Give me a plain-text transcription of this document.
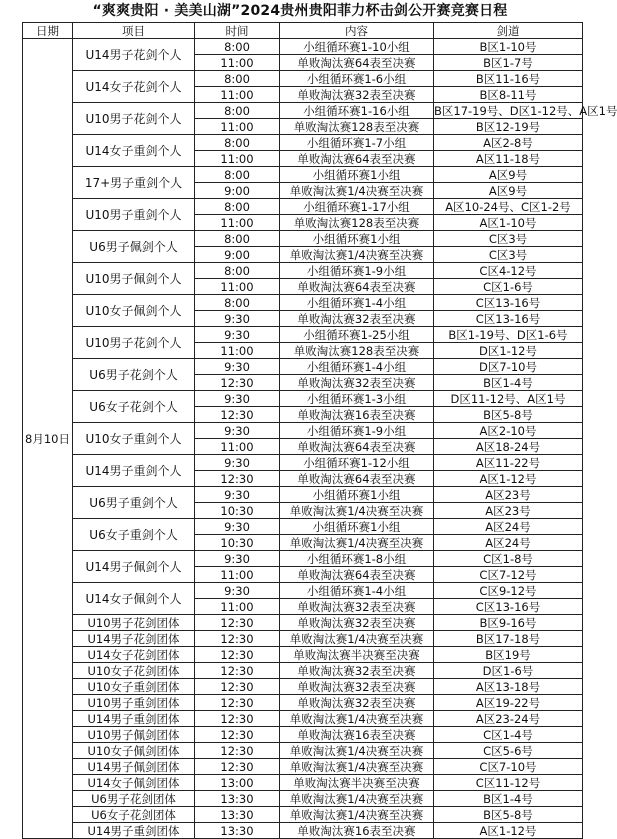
“爽爽贵阳 · 美美山湖”2024贵州贵阳菲力杯击剑公开赛竞赛日程
日期	项目	时间	内容	剑道
8月10日	U14男子花剑个人	8:00	小组循环赛1-10小组	B区1-10号
		11:00	单败淘汰赛64表至决赛	B区1-7号
	U14女子花剑个人	8:00	小组循环赛1-6小组	B区11-16号
		11:00	单败淘汰赛32表至决赛	B区8-11号
	U10男子花剑个人	8:00	小组循环赛1-16小组	B区17-19号、D区1-12号、A区1号
		11:00	单败淘汰赛128表至决赛	B区12-19号
	U14女子重剑个人	8:00	小组循环赛1-7小组	A区2-8号
		11:00	单败淘汰赛64表至决赛	A区11-18号
	17+男子重剑个人	8:00	小组循环赛1小组	A区9号
		9:00	单败淘汰赛1/4决赛至决赛	A区9号
	U10男子重剑个人	8:00	小组循环赛1-17小组	A区10-24号、C区1-2号
		11:00	单败淘汰赛128表至决赛	A区1-10号
	U6男子佩剑个人	8:00	小组循环赛1小组	C区3号
		9:00	单败淘汰赛1/4决赛至决赛	C区3号
	U10男子佩剑个人	8:00	小组循环赛1-9小组	C区4-12号
		11:00	单败淘汰赛64表至决赛	C区1-6号
	U10女子佩剑个人	8:00	小组循环赛1-4小组	C区13-16号
		9:30	单败淘汰赛32表至决赛	C区13-16号
	U10男子花剑个人	9:30	小组循环赛1-25小组	B区1-19号、D区1-6号
		11:00	单败淘汰赛128表至决赛	D区1-12号
	U6男子花剑个人	9:30	小组循环赛1-4小组	D区7-10号
		12:30	单败淘汰赛32表至决赛	B区1-4号
	U6女子花剑个人	9:30	小组循环赛1-3小组	D区11-12号、A区1号
		12:30	单败淘汰赛16表至决赛	B区5-8号
	U10女子重剑个人	9:30	小组循环赛1-9小组	A区2-10号
		11:00	单败淘汰赛64表至决赛	A区18-24号
	U14男子重剑个人	9:30	小组循环赛1-12小组	A区11-22号
		12:30	单败淘汰赛64表至决赛	A区1-12号
	U6男子重剑个人	9:30	小组循环赛1小组	A区23号
		10:30	单败淘汰赛1/4决赛至决赛	A区23号
	U6女子重剑个人	9:30	小组循环赛1小组	A区24号
		10:30	单败淘汰赛1/4决赛至决赛	A区24号
	U14男子佩剑个人	9:30	小组循环赛1-8小组	C区1-8号
		11:00	单败淘汰赛64表至决赛	C区7-12号
	U14女子佩剑个人	9:30	小组循环赛1-4小组	C区9-12号
		11:00	单败淘汰赛32表至决赛	C区13-16号
	U10男子花剑团体	12:30	单败淘汰赛32表至决赛	B区9-16号
	U14男子花剑团体	12:30	单败淘汰赛1/4决赛至决赛	B区17-18号
	U14女子花剑团体	12:30	单败淘汰赛半决赛至决赛	B区19号
	U10女子花剑团体	12:30	单败淘汰赛32表至决赛	D区1-6号
	U10女子重剑团体	12:30	单败淘汰赛32表至决赛	A区13-18号
	U10男子重剑团体	12:30	单败淘汰赛32表至决赛	A区19-22号
	U14男子重剑团体	12:30	单败淘汰赛1/4决赛至决赛	A区23-24号
	U10男子佩剑团体	12:30	单败淘汰赛16表至决赛	C区1-4号
	U10女子佩剑团体	12:30	单败淘汰赛1/4决赛至决赛	C区5-6号
	U14男子佩剑团体	12:30	单败淘汰赛1/4决赛至决赛	C区7-10号
	U14女子佩剑团体	13:00	单败淘汰赛半决赛至决赛	C区11-12号
	U6男子花剑团体	13:30	单败淘汰赛1/4决赛至决赛	B区1-4号
	U6女子花剑团体	13:30	单败淘汰赛1/4决赛至决赛	B区5-8号
	U14男子重剑团体	13:30	单败淘汰赛16表至决赛	A区1-12号
